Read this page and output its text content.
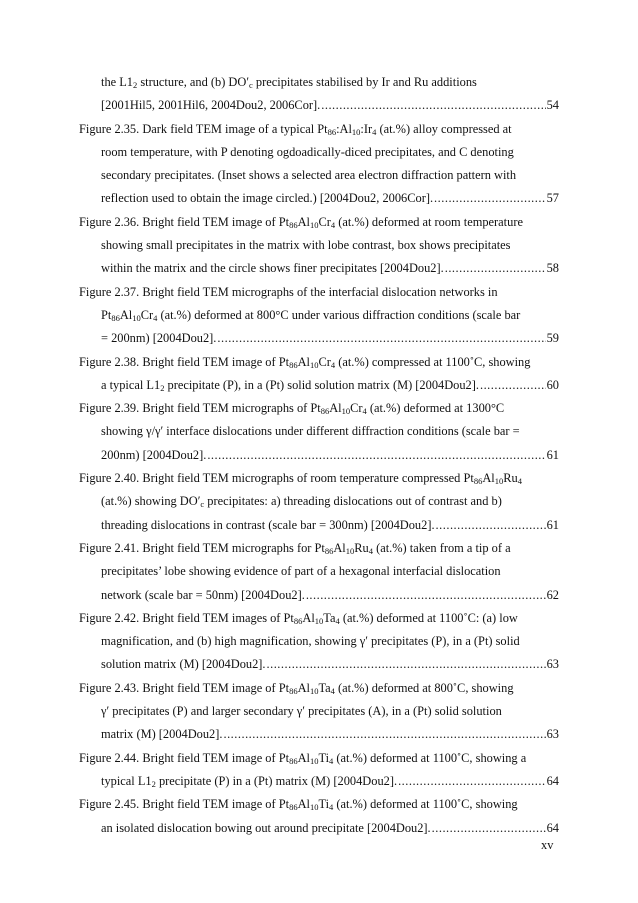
the $L1_2$ structure, and (b) $DO'_c$ precipitates stabilised by Ir and Ru additions
[2001Hil5, 2001Hil6, 2004Dou2, 2006Cor]. .....	54
Figure 2.35. Dark field TEM image of a typical $Pt_{86}:Al_{10}:Ir_4$ (at.%) alloy compressed at
room temperature, with P denoting ogdoadically-diced precipitates, and C denoting
secondary precipitates. (Inset shows a selected area electron diffraction pattern with
reflection used to obtain the image circled.) [2004Dou2, 2006Cor]. .....	57
Figure 2.36. Bright field TEM image of $Pt_{86}Al_{10}Cr_4$ (at.%) deformed at room temperature
showing small precipitates in the matrix with lobe contrast, box shows precipitates
within the matrix and the circle shows finer precipitates [2004Dou2]. .....	58
Figure 2.37. Bright field TEM micrographs of the interfacial dislocation networks in
$Pt_{86}Al_{10}Cr_4$ (at.%) deformed at 800°C under various diffraction conditions (scale bar
= 200nm) [2004Dou2]. .....	59
Figure 2.38. Bright field TEM image of $Pt_{86}Al_{10}Cr_4$ (at.%) compressed at 1100˚C, showing
a typical $L1_2$ precipitate (P), in a (Pt) solid solution matrix (M) [2004Dou2]. .....	60
Figure 2.39. Bright field TEM micrographs of $Pt_{86}Al_{10}Cr_4$ (at.%) deformed at 1300°C
showing γ/γ′ interface dislocations under different diffraction conditions (scale bar =
200nm) [2004Dou2]. .....	61
Figure 2.40. Bright field TEM micrographs of room temperature compressed $Pt_{86}Al_{10}Ru_4$
(at.%) showing $DO'_c$ precipitates: a) threading dislocations out of contrast and b)
threading dislocations in contrast (scale bar = 300nm) [2004Dou2]. .....	61
Figure 2.41. Bright field TEM micrographs for $Pt_{86}Al_{10}Ru_4$ (at.%) taken from a tip of a
precipitates’ lobe showing evidence of part of a hexagonal interfacial dislocation
network (scale bar = 50nm) [2004Dou2]. .....	62
Figure 2.42. Bright field TEM images of $Pt_{86}Al_{10}Ta_4$ (at.%) deformed at 1100˚C: (a) low
magnification, and (b) high magnification, showing γ′ precipitates (P), in a (Pt) solid
solution matrix (M) [2004Dou2]. .....	63
Figure 2.43. Bright field TEM image of $Pt_{86}Al_{10}Ta_4$ (at.%) deformed at 800˚C, showing
γ′ precipitates (P) and larger secondary γ′ precipitates (A), in a (Pt) solid solution
matrix (M) [2004Dou2]. .....	63
Figure 2.44. Bright field TEM image of $Pt_{86}Al_{10}Ti_4$ (at.%) deformed at 1100˚C, showing a
typical $L1_2$ precipitate (P) in a (Pt) matrix (M) [2004Dou2]. .....	64
Figure 2.45. Bright field TEM image of $Pt_{86}Al_{10}Ti_4$ (at.%) deformed at 1100˚C, showing
an isolated dislocation bowing out around precipitate [2004Dou2]. .....	64
xv
